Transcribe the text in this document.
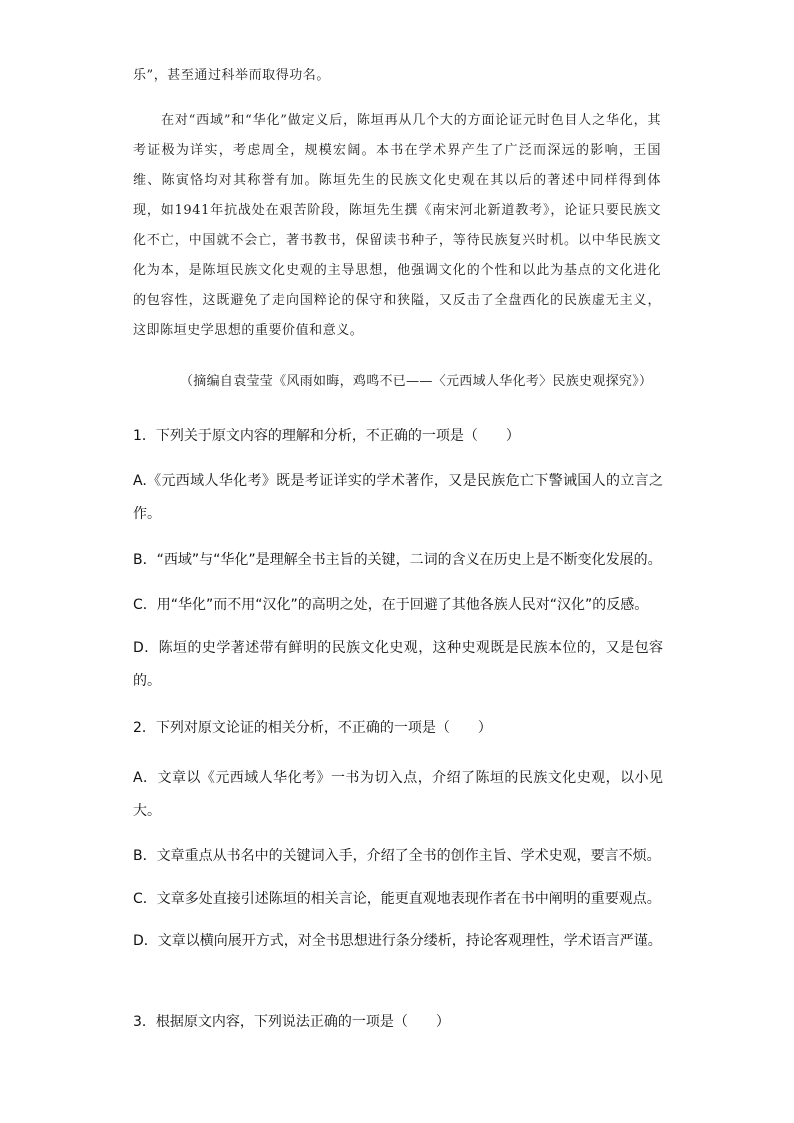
乐”，甚至通过科举而取得功名。

在对“西域”和“华化”做定义后，陈垣再从几个大的方面论证元时色目人之华化，其考证极为详实，考虑周全，规模宏阔。本书在学术界产生了广泛而深远的影响，王国维、陈寅恪均对其称誉有加。陈垣先生的民族文化史观在其以后的著述中同样得到体现，如1941年抗战处在艰苦阶段，陈垣先生撰《南宋河北新道教考》，论证只要民族文化不亡，中国就不会亡，著书教书，保留读书种子，等待民族复兴时机。以中华民族文化为本，是陈垣民族文化史观的主导思想，他强调文化的个性和以此为基点的文化进化的包容性，这既避免了走向国粹论的保守和狭隘，又反击了全盘西化的民族虚无主义，这即陈垣史学思想的重要价值和意义。

（摘编自袁莹莹《风雨如晦，鸡鸣不已——〈元西域人华化考〉民族史观探究》）

1．下列关于原文内容的理解和分析，不正确的一项是（　　）

A.《元西域人华化考》既是考证详实的学术著作，又是民族危亡下警诫国人的立言之作。

B．“西域”与“华化”是理解全书主旨的关键，二词的含义在历史上是不断变化发展的。

C．用“华化”而不用“汉化”的高明之处，在于回避了其他各族人民对“汉化”的反感。

D．陈垣的史学著述带有鲜明的民族文化史观，这种史观既是民族本位的，又是包容的。

2．下列对原文论证的相关分析，不正确的一项是（　　）

A．文章以《元西域人华化考》一书为切入点，介绍了陈垣的民族文化史观，以小见大。

B．文章重点从书名中的关键词入手，介绍了全书的创作主旨、学术史观，要言不烦。

C．文章多处直接引述陈垣的相关言论，能更直观地表现作者在书中阐明的重要观点。

D．文章以横向展开方式，对全书思想进行条分缕析，持论客观理性，学术语言严谨。

3．根据原文内容，下列说法正确的一项是（　　）
